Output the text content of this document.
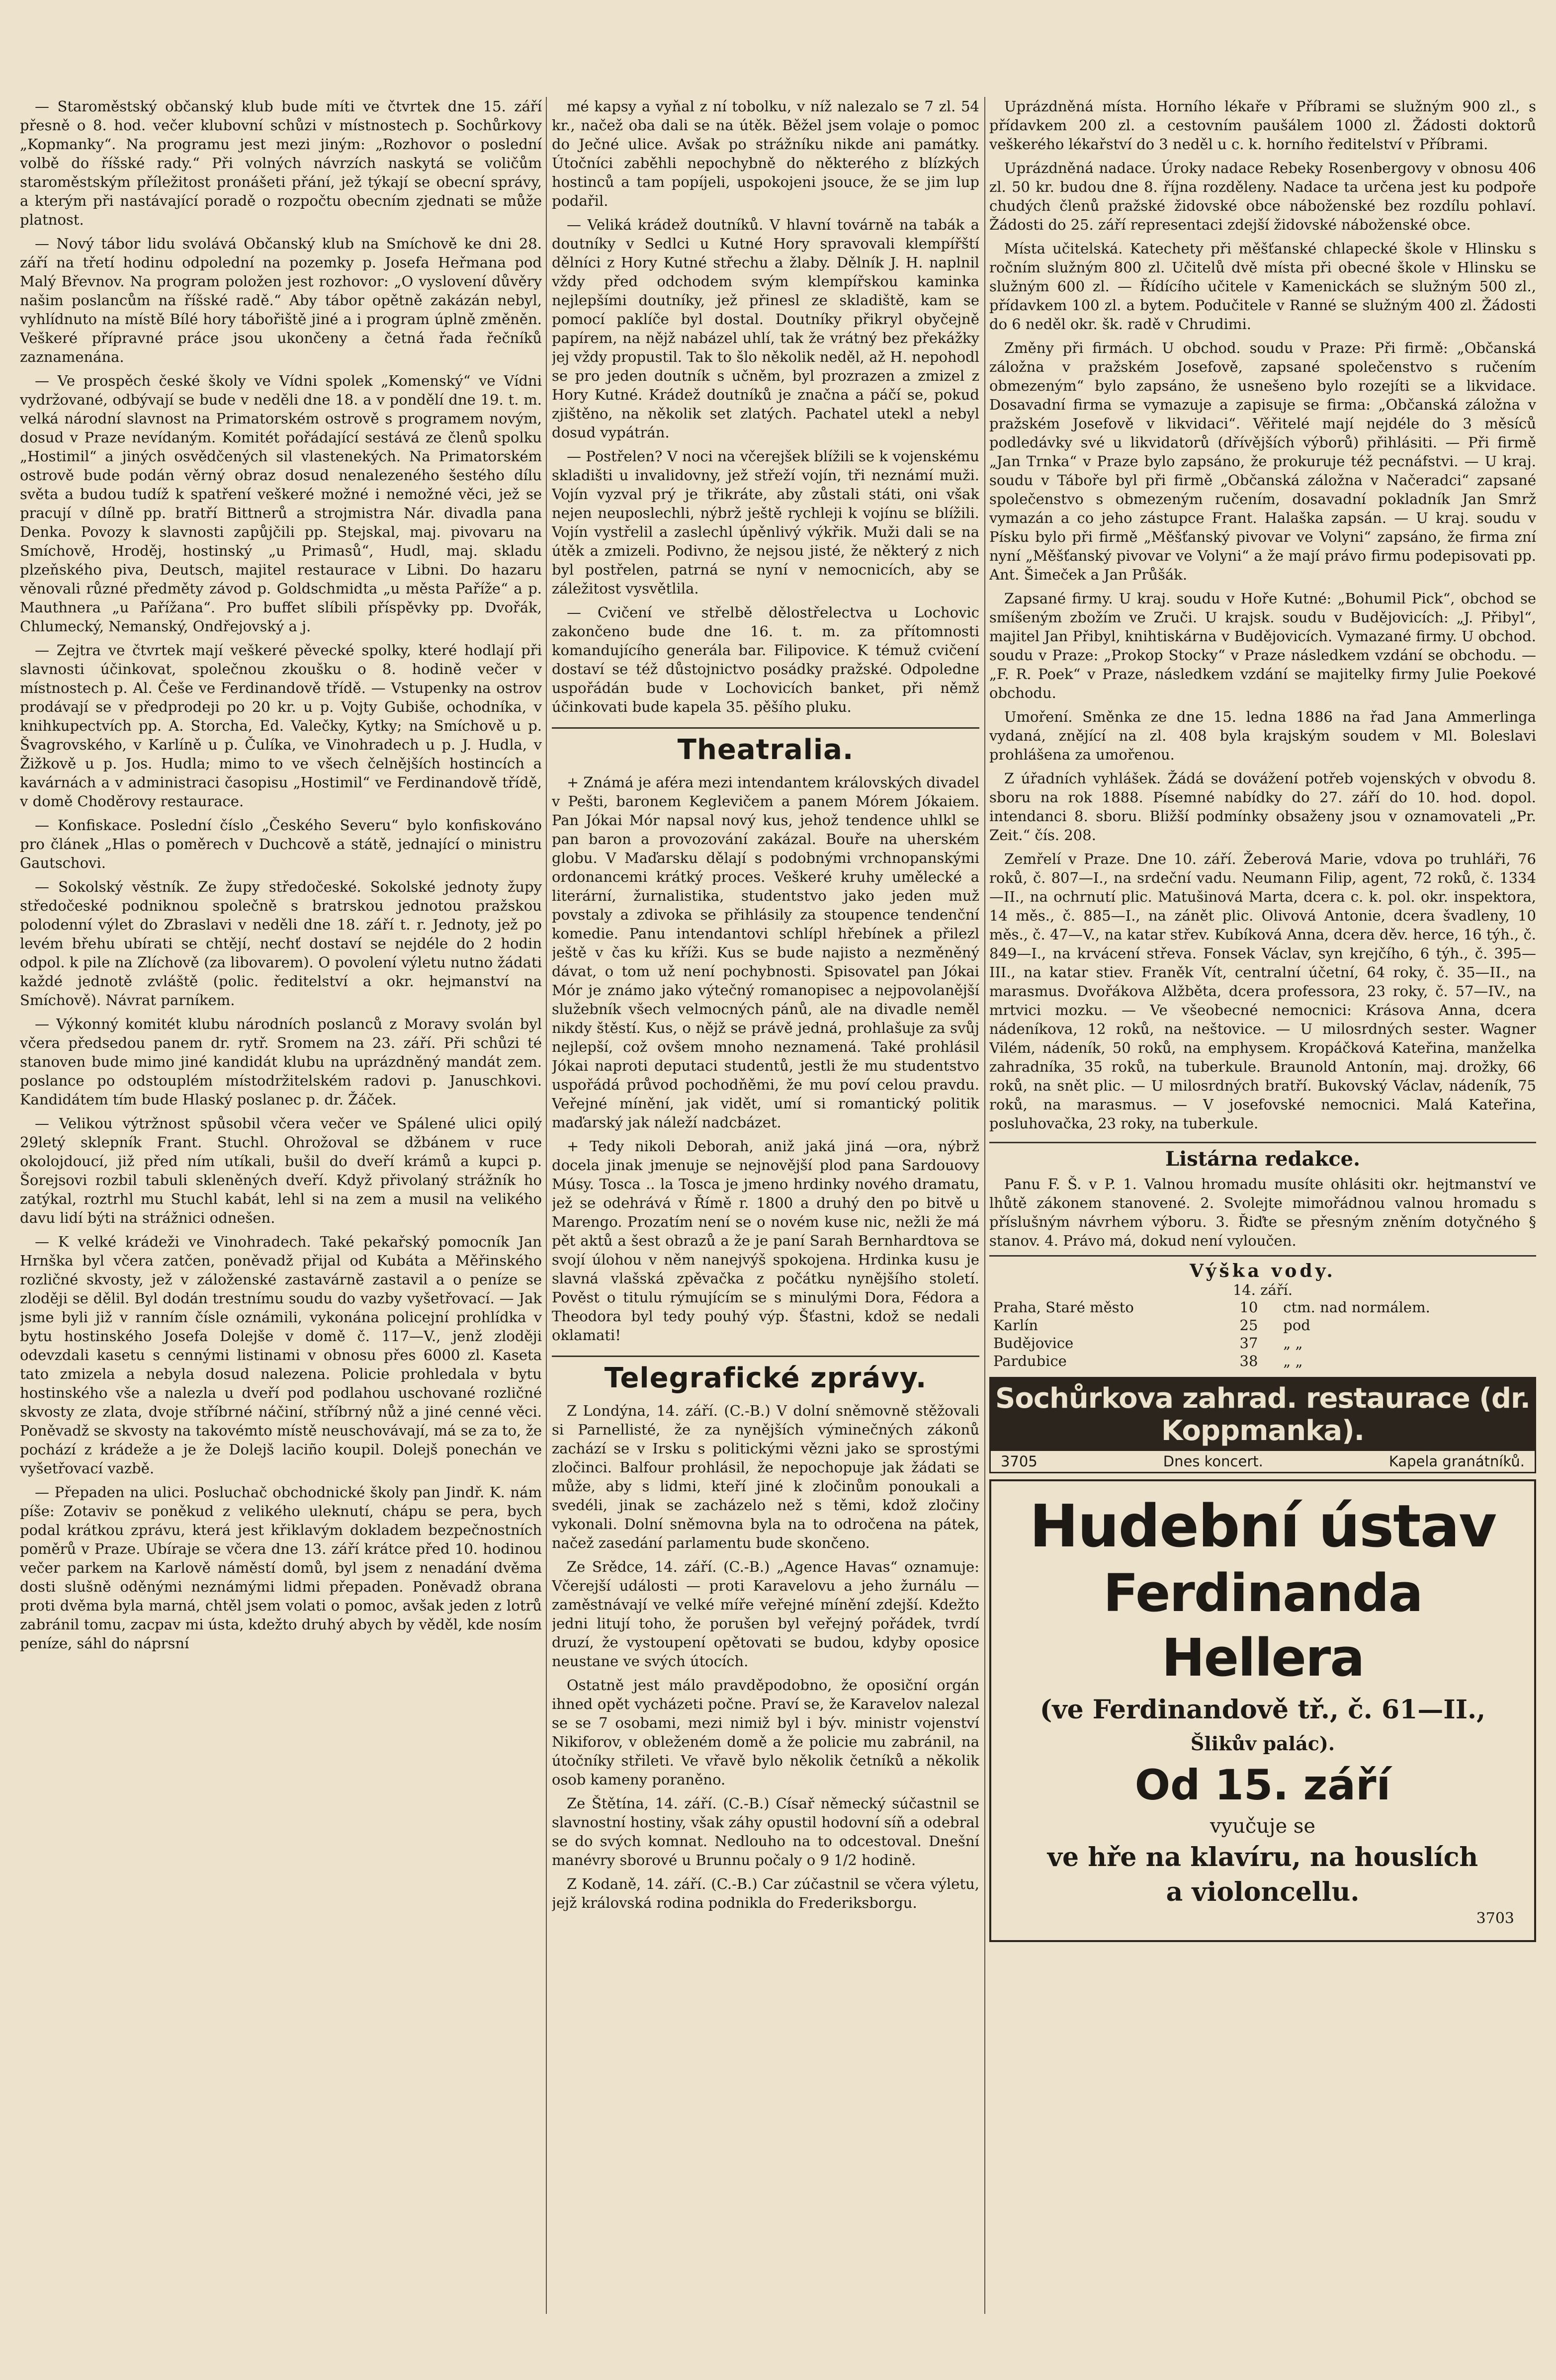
— Staroměstský občanský klub bude míti ve čtvrtek dne 15. září přesně o 8. hod. večer klubovní schůzi v místnostech p. Sochůrkovy „Kopmanky“. Na programu jest mezi jiným: „Rozhovor o poslední volbě do říšské rady.“ Při volných návrzích naskytá se voličům staroměstským příležitost pronášeti přání, jež týkají se obecní správy, a kterým při nastávající poradě o rozpočtu obecním zjednati se může platnost.

— Nový tábor lidu svolává Občanský klub na Smíchově ke dni 28. září na třetí hodinu odpolední na pozemky p. Josefa Heřmana pod Malý Břevnov. Na program položen jest rozhovor: „O vyslovení důvěry našim poslancům na říšské radě.“ Aby tábor opětně zakázán nebyl, vyhlídnuto na místě Bílé hory tábořiště jiné a i program úplně změněn. Veškeré přípravné práce jsou ukončeny a četná řada řečníků zaznamenána.

— Ve prospěch české školy ve Vídni spolek „Komenský“ ve Vídni vydržované, odbývají se bude v neděli dne 18. a v pondělí dne 19. t. m. velká národní slavnost na Primatorském ostrově s programem novým, dosud v Praze nevídaným. Komitét pořádající sestává ze členů spolku „Hostimil“ a jiných osvědčených sil vlastenekých. Na Primatorském ostrově bude podán věrný obraz dosud nenalezeného šestého dílu světa a budou tudíž k spatření veškeré možné i nemožné věci, jež se pracují v dílně pp. bratří Bittnerů a strojmistra Nár. divadla pana Denka. Povozy k slavnosti zapůjčili pp. Stejskal, maj. pivovaru na Smíchově, Hroděj, hostinský „u Primasů“, Hudl, maj. skladu plzeňského piva, Deutsch, majitel restaurace v Libni. Do hazaru věnovali různé předměty závod p. Goldschmidta „u města Paříže“ a p. Mauthnera „u Pařížana“. Pro buffet slíbili příspěvky pp. Dvořák, Chlumecký, Nemanský, Ondřejovský a j.

— Zejtra ve čtvrtek mají veškeré pěvecké spolky, které hodlají při slavnosti účinkovat, společnou zkoušku o 8. hodině večer v místnostech p. Al. Češe ve Ferdinandově třídě. — Vstupenky na ostrov prodávají se v předprodeji po 20 kr. u p. Vojty Gubiše, ochodníka, v knihkupectvích pp. A. Storcha, Ed. Valečky, Kytky; na Smíchově u p. Švagrovského, v Karlíně u p. Čulíka, ve Vinohradech u p. J. Hudla, v Žižkově u p. Jos. Hudla; mimo to ve všech čelnějších hostincích a kavárnách a v administraci časopisu „Hostimil“ ve Ferdinandově třídě, v domě Choděrovy restaurace.

— Konfiskace. Poslední číslo „Českého Severu“ bylo konfiskováno pro článek „Hlas o poměrech v Duchcově a státě, jednající o ministru Gautschovi.

— Sokolský věstník. Ze župy středočeské. Sokolské jednoty župy středočeské podniknou společně s bratrskou jednotou pražskou polodenní výlet do Zbraslavi v neděli dne 18. září t. r. Jednoty, jež po levém břehu ubírati se chtějí, nechť dostaví se nejdéle do 2 hodin odpol. k pile na Zlíchově (za libovarem). O povolení výletu nutno žádati každé jednotě zvláště (polic. ředitelství a okr. hejmanství na Smíchově). Návrat parníkem.

— Výkonný komitét klubu národních poslanců z Moravy svolán byl včera předsedou panem dr. rytř. Sromem na 23. září. Při schůzi té stanoven bude mimo jiné kandidát klubu na uprázdněný mandát zem. poslance po odstouplém místodržitelském radovi p. Januschkovi. Kandidátem tím bude Hlaský poslanec p. dr. Žáček.

— Velikou výtržnost spůsobil včera večer ve Spálené ulici opilý 29letý sklepník Frant. Stuchl. Ohrožoval se džbánem v ruce okolojdoucí, již před ním utíkali, bušil do dveří krámů a kupci p. Šorejsovi rozbil tabuli skleněných dveří. Když přivolaný strážník ho zatýkal, roztrhl mu Stuchl kabát, lehl si na zem a musil na velikého davu lidí býti na strážnici odnešen.

— K velké krádeži ve Vinohradech. Také pekařský pomocník Jan Hrnška byl včera zatčen, poněvadž přijal od Kubáta a Měřinského rozličné skvosty, jež v záloženské zastavárně zastavil a o peníze se zloději se dělil. Byl dodán trestnímu soudu do vazby vyšetřovací. — Jak jsme byli již v ranním čísle oznámili, vykonána policejní prohlídka v bytu hostinského Josefa Dolejše v domě č. 117—V., jenž zloději odevzdali kasetu s cennými listinami v obnosu přes 6000 zl. Kaseta tato zmizela a nebyla dosud nalezena. Policie prohledala v bytu hostinského vše a nalezla u dveří pod podlahou uschované rozličné skvosty ze zlata, dvoje stříbrné náčiní, stříbrný nůž a jiné cenné věci. Poněvadž se skvosty na takovémto místě neuschovávají, má se za to, že pochází z krádeže a je že Dolejš laciño koupil. Dolejš ponechán ve vyšetřovací vazbě.

— Přepaden na ulici. Posluchač obchodnické školy pan Jindř. K. nám píše: Zotaviv se poněkud z velikého uleknutí, chápu se pera, bych podal krátkou zprávu, která jest křiklavým dokladem bezpečnostních poměrů v Praze. Ubíraje se včera dne 13. září krátce před 10. hodinou večer parkem na Karlově náměstí domů, byl jsem z nenadání dvěma dosti slušně oděnými neznámými lidmi přepaden. Poněvadž obrana proti dvěma byla marná, chtěl jsem volati o pomoc, avšak jeden z lotrů zabránil tomu, zacpav mi ústa, kdežto druhý abych by věděl, kde nosím peníze, sáhl do náprsní

mé kapsy a vyňal z ní tobolku, v níž nalezalo se 7 zl. 54 kr., načež oba dali se na útěk. Běžel jsem volaje o pomoc do Ječné ulice. Avšak po strážníku nikde ani památky. Útočníci zaběhli nepochybně do některého z blízkých hostinců a tam popíjeli, uspokojeni jsouce, že se jim lup podařil.

— Veliká krádež doutníků. V hlavní továrně na tabák a doutníky v Sedlci u Kutné Hory spravovali klempířští dělníci z Hory Kutné střechu a žlaby. Dělník J. H. naplnil vždy před odchodem svým klempířskou kaminka nejlepšími doutníky, jež přinesl ze skladiště, kam se pomocí paklíče byl dostal. Doutníky přikryl obyčejně papírem, na nějž nabázel uhlí, tak že vrátný bez překážky jej vždy propustil. Tak to šlo několik neděl, až H. nepohodl se pro jeden doutník s učněm, byl prozrazen a zmizel z Hory Kutné. Krádež doutníků je značna a páčí se, pokud zjištěno, na několik set zlatých. Pachatel utekl a nebyl dosud vypátrán.

— Postřelen? V noci na včerejšek blížili se k vojenskému skladišti u invalidovny, jež střeží vojín, tři neznámí muži. Vojín vyzval prý je třikráte, aby zůstali státi, oni však nejen neuposlechli, nýbrž ještě rychleji k vojínu se blížili. Vojín vystřelil a zaslechl úpěnlivý výkřik. Muži dali se na útěk a zmizeli. Podivno, že nejsou jisté, že některý z nich byl postřelen, patrná se nyní v nemocnicích, aby se záležitost vysvětlila.

— Cvičení ve střelbě dělostřelectva u Lochovic zakončeno bude dne 16. t. m. za přítomnosti komandujícího generála bar. Filipovice. K témuž cvičení dostaví se též důstojnictvo posádky pražské. Odpoledne uspořádán bude v Lochovicích banket, při němž účinkovati bude kapela 35. pěšího pluku.

Theatralia.

+ Známá je aféra mezi intendantem královských divadel v Pešti, baronem Keglevičem a panem Mórem Jókaiem. Pan Jókai Mór napsal nový kus, jehož tendence uhlkl se pan baron a provozování zakázal. Bouře na uherském globu. V Maďarsku dělají s podobnými vrchnopanskými ordonancemi krátký proces. Veškeré kruhy umělecké a literární, žurnalistika, studentstvo jako jeden muž povstaly a zdivoka se přihlásily za stoupence tendenční komedie. Panu intendantovi schlípl hřebínek a přilezl ještě v čas ku kříži. Kus se bude najisto a nezměněný dávat, o tom už není pochybnosti. Spisovatel pan Jókai Mór je známo jako výtečný romanopisec a nejpovolanější služebník všech velmocných pánů, ale na divadle neměl nikdy štěstí. Kus, o nějž se právě jedná, prohlašuje za svůj nejlepší, což ovšem mnoho neznamená. Také prohlásil Jókai naproti deputaci studentů, jestli že mu studentstvo uspořádá průvod pochodňěmi, že mu poví celou pravdu. Veřejné mínění, jak vidět, umí si romantický politik maďarský jak náleží nadcbázet.

+ Tedy nikoli Deborah, aniž jaká jiná —ora, nýbrž docela jinak jmenuje se nejnovější plod pana Sardouovy Músy. Tosca .. la Tosca je jmeno hrdinky nového dramatu, jež se odehrává v Římě r. 1800 a druhý den po bitvě u Marengo. Prozatím není se o novém kuse nic, nežli že má pět aktů a šest obrazů a že je paní Sarah Bernhardtova se svojí úlohou v něm nanejvýš spokojena. Hrdinka kusu je slavná vlašská zpěvačka z počátku nynějšího století. Pověst o titulu rýmujícím se s minulými Dora, Fédora a Theodora byl tedy pouhý výp. Šťastni, kdož se nedali oklamati!

Telegrafické zprávy.

Z Londýna, 14. září. (C.-B.) V dolní sněmovně stěžovali si Parnellisté, že za nynějších výminečných zákonů zachází se v Irsku s politickými vězni jako se sprostými zločinci. Balfour prohlásil, že nepochopuje jak žádati se může, aby s lidmi, kteří jiné k zločinům ponoukali a svedéli, jinak se zacházelo než s těmi, kdož zločiny vykonali. Dolní sněmovna byla na to odročena na pátek, načež zasedání parlamentu bude skončeno.

Ze Srědce, 14. září. (C.-B.) „Agence Havas“ oznamuje: Včerejší události — proti Karavelovu a jeho žurnálu — zaměstnávají ve velké míře veřejné mínění zdejší. Kdežto jedni litují toho, že porušen byl veřejný pořádek, tvrdí druzí, že vystoupení opětovati se budou, kdyby oposice neustane ve svých útocích.

Ostatně jest málo pravděpodobno, že oposiční orgán ihned opět vycházeti počne. Praví se, že Karavelov nalezal se se 7 osobami, mezi nimiž byl i býv. ministr vojenství Nikiforov, v obleženém domě a že policie mu zabránil, na útočníky střileti. Ve vřavě bylo několik četníků a několik osob kameny poraněno.

Ze Štětína, 14. září. (C.-B.) Císař německý súčastnil se slavnostní hostiny, však záhy opustil hodovní síň a odebral se do svých komnat. Nedlouho na to odcestoval. Dnešní manévry sborové u Brunnu počaly o 9 1/2 hodině.

Z Kodaně, 14. září. (C.-B.) Car zúčastnil se včera výletu, jejž královská rodina podnikla do Frederiksborgu.

Uprázdněná místa. Horního lékaře v Příbrami se služným 900 zl., s přídavkem 200 zl. a cestovním paušálem 1000 zl. Žádosti doktorů veškerého lékařství do 3 neděl u c. k. horního ředitelství v Příbrami.

Uprázdněná nadace. Úroky nadace Rebeky Rosenbergovy v obnosu 406 zl. 50 kr. budou dne 8. října rozděleny. Nadace ta určena jest ku podpoře chudých členů pražské židovské obce náboženské bez rozdílu pohlaví. Žádosti do 25. září representaci zdejší židovské náboženské obce.

Místa učitelská. Katechety při měšťanské chlapecké škole v Hlinsku s ročním služným 800 zl. Učitelů dvě místa při obecné škole v Hlinsku se služným 600 zl. — Řídícího učitele v Kamenickách se služným 500 zl., přídavkem 100 zl. a bytem. Podučitele v Ranné se služným 400 zl. Žádosti do 6 neděl okr. šk. radě v Chrudimi.

Změny při firmách. U obchod. soudu v Praze: Při firmě: „Občanská záložna v pražském Josefově, zapsané společenstvo s ručením obmezeným“ bylo zapsáno, že usnešeno bylo rozejíti se a likvidace. Dosavadní firma se vymazuje a zapisuje se firma: „Občanská záložna v pražském Josefově v likvidaci“. Věřitelé mají nejdéle do 3 měsíců podledávky své u likvidatorů (dřívějších výborů) přihlásiti. — Při firmě „Jan Trnka“ v Praze bylo zapsáno, že prokuruje též pecnáfstvi. — U kraj. soudu v Táboře byl při firmě „Občanská záložna v Načeradci“ zapsané společenstvo s obmezeným ručením, dosavadní pokladník Jan Smrž vymazán a co jeho zástupce Frant. Halaška zapsán. — U kraj. soudu v Písku bylo při firmě „Měšťanský pivovar ve Volyni“ zapsáno, že firma zní nyní „Měšťanský pivovar ve Volyni“ a že mají právo firmu podepisovati pp. Ant. Šimeček a Jan Průšák.

Zapsané firmy. U kraj. soudu v Hoře Kutné: „Bohumil Pick“, obchod se smíšeným zbožím ve Zruči. U krajsk. soudu v Budějovicích: „J. Přibyl“, majitel Jan Přibyl, knihtiskárna v Budějovicích. Vymazané firmy. U obchod. soudu v Praze: „Prokop Stocky“ v Praze následkem vzdání se obchodu. — „F. R. Poek“ v Praze, následkem vzdání se majitelky firmy Julie Poekové obchodu.

Umoření. Směnka ze dne 15. ledna 1886 na řad Jana Ammerlinga vydaná, znějící na zl. 408 byla krajským soudem v Ml. Boleslavi prohlášena za umořenou.

Z úřadních vyhlášek. Žádá se dovážení potřeb vojenských v obvodu 8. sboru na rok 1888. Písemné nabídky do 27. září do 10. hod. dopol. intendanci 8. sboru. Bližší podmínky obsaženy jsou v oznamovateli „Pr. Zeit.“ čís. 208.

Zemřelí v Praze. Dne 10. září. Žeberová Marie, vdova po truhláři, 76 roků, č. 807—I., na srdeční vadu. Neumann Filip, agent, 72 roků, č. 1334—II., na ochrnutí plic. Matušinová Marta, dcera c. k. pol. okr. inspektora, 14 měs., č. 885—I., na zánět plic. Olivová Antonie, dcera švadleny, 10 měs., č. 47—V., na katar střev. Kubíková Anna, dcera děv. herce, 16 týh., č. 849—I., na krvácení střeva. Fonsek Václav, syn krejčího, 6 týh., č. 395—III., na katar stiev. Franěk Vít, centralní účetní, 64 roky, č. 35—II., na marasmus. Dvořákova Alžběta, dcera professora, 23 roky, č. 57—IV., na mrtvici mozku. — Ve všeobecné nemocnici: Krásova Anna, dcera nádeníkova, 12 roků, na neštovice. — U milosrdných sester. Wagner Vilém, nádeník, 50 roků, na emphysem. Kropáčková Kateřina, manželka zahradníka, 35 roků, na tuberkule. Braunold Antonín, maj. drožky, 66 roků, na snět plic. — U milosrdných bratří. Bukovský Václav, nádeník, 75 roků, na marasmus. — V josefovské nemocnici. Malá Kateřina, posluhovačka, 23 roky, na tuberkule.

Listárna redakce.

Panu F. Š. v P. 1. Valnou hromadu musíte ohlásiti okr. hejtmanství ve lhůtě zákonem stanovené. 2. Svolejte mimořádnou valnou hromadu s příslušným návrhem výboru. 3. Řiďte se přesným zněním dotyčného § stanov. 4. Právo má, dokud není vyloučen.

Výška vody.
14. září.
Praha, Staré město	10	ctm. nad normálem.
Karlín	25	pod
Budějovice	37	„ „
Pardubice	38	„ „
Sochůrkova zahrad. restaurace (dr. Koppmanka).
3705	Dnes koncert.	Kapela granátníků.
Hudební ústav
Ferdinanda Hellera
(ve Ferdinandově tř., č. 61—II.,
Šlikův palác).
Od 15. září
vyučuje se
ve hře na klavíru, na houslích
a violoncellu.
3703
